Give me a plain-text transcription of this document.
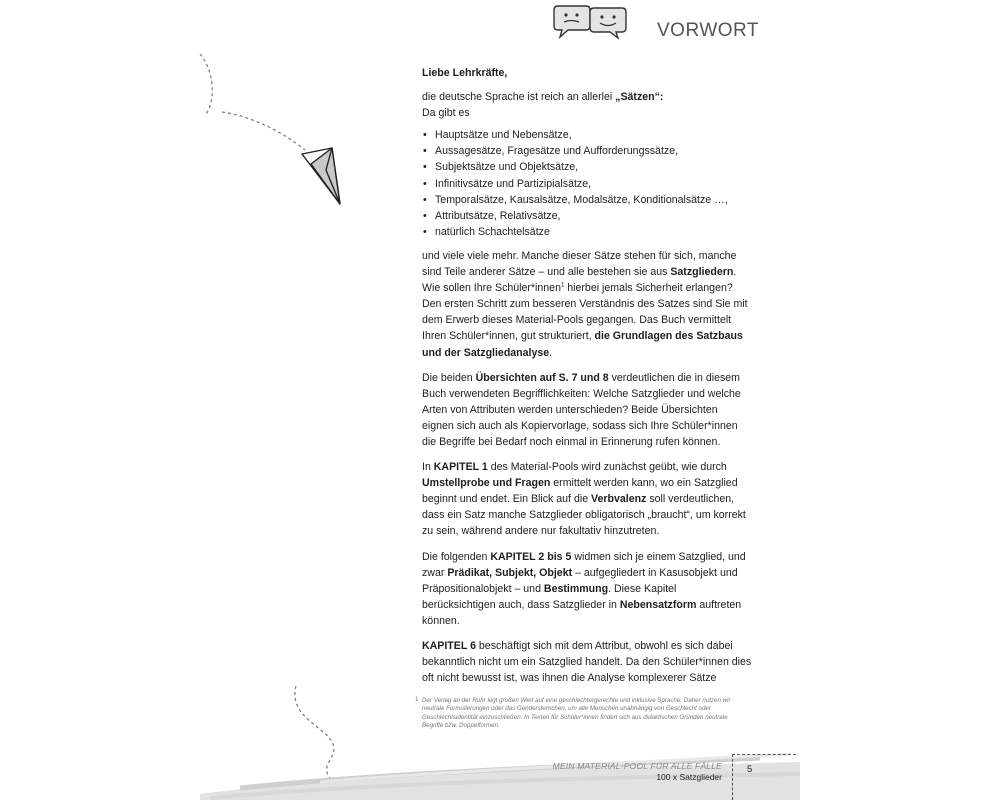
VORWORT

Liebe Lehrkräfte,

die deutsche Sprache ist reich an allerlei „Sätzen“:
Da gibt es

• Hauptsätze und Nebensätze,
• Aussagesätze, Fragesätze und Aufforderungssätze,
• Subjektsätze und Objektsätze,
• Infinitivsätze und Partizipialsätze,
• Temporalsätze, Kausalsätze, Modalsätze, Konditionalsätze …,
• Attributsätze, Relativsätze,
• natürlich Schachtelsätze

und viele viele mehr. Manche dieser Sätze stehen für sich, manche sind Teile anderer Sätze – und alle bestehen sie aus Satzgliedern. Wie sollen Ihre Schüler*innen$^1$ hierbei jemals Sicherheit erlangen? Den ersten Schritt zum besseren Verständnis des Satzes sind Sie mit dem Erwerb dieses Material-Pools gegangen. Das Buch vermittelt Ihren Schüler*innen, gut strukturiert, die Grundlagen des Satzbaus und der Satzgliedanalyse.

Die beiden Übersichten auf S. 7 und 8 verdeutlichen die in diesem Buch verwendeten Begrifflichkeiten: Welche Satzglieder und welche Arten von Attributen werden unterschieden? Beide Übersichten eignen sich auch als Kopiervorlage, sodass sich Ihre Schüler*innen die Begriffe bei Bedarf noch einmal in Erinnerung rufen können.

In KAPITEL 1 des Material-Pools wird zunächst geübt, wie durch Umstellprobe und Fragen ermittelt werden kann, wo ein Satzglied beginnt und endet. Ein Blick auf die Verbvalenz soll verdeutlichen, dass ein Satz manche Satzglieder obligatorisch „braucht“, um korrekt zu sein, während andere nur fakultativ hinzutreten.

Die folgenden KAPITEL 2 bis 5 widmen sich je einem Satzglied, und zwar Prädikat, Subjekt, Objekt – aufgegliedert in Kasusobjekt und Präpositionalobjekt – und Bestimmung. Diese Kapitel berücksichtigen auch, dass Satzglieder in Nebensatzform auftreten können.

KAPITEL 6 beschäftigt sich mit dem Attribut, obwohl es sich dabei bekanntlich nicht um ein Satzglied handelt. Da den Schüler*innen dies oft nicht bewusst ist, was ihnen die Analyse komplexerer Sätze

1 Der Verlag an der Ruhr legt großen Wert auf eine geschlechtergerechte und inklusive Sprache. Daher nutzen wir neutrale Formulierungen oder das Gendersternchen, um alle Menschen unabhängig von Geschlecht oder Geschlechtsidentität einzuschließen. In Texten für Schüler*innen finden sich aus didaktischen Gründen neutrale Begriffe bzw. Doppelformen.
MEIN MATERIAL-POOL FÜR ALLE FÄLLE
100 x Satzglieder
5
